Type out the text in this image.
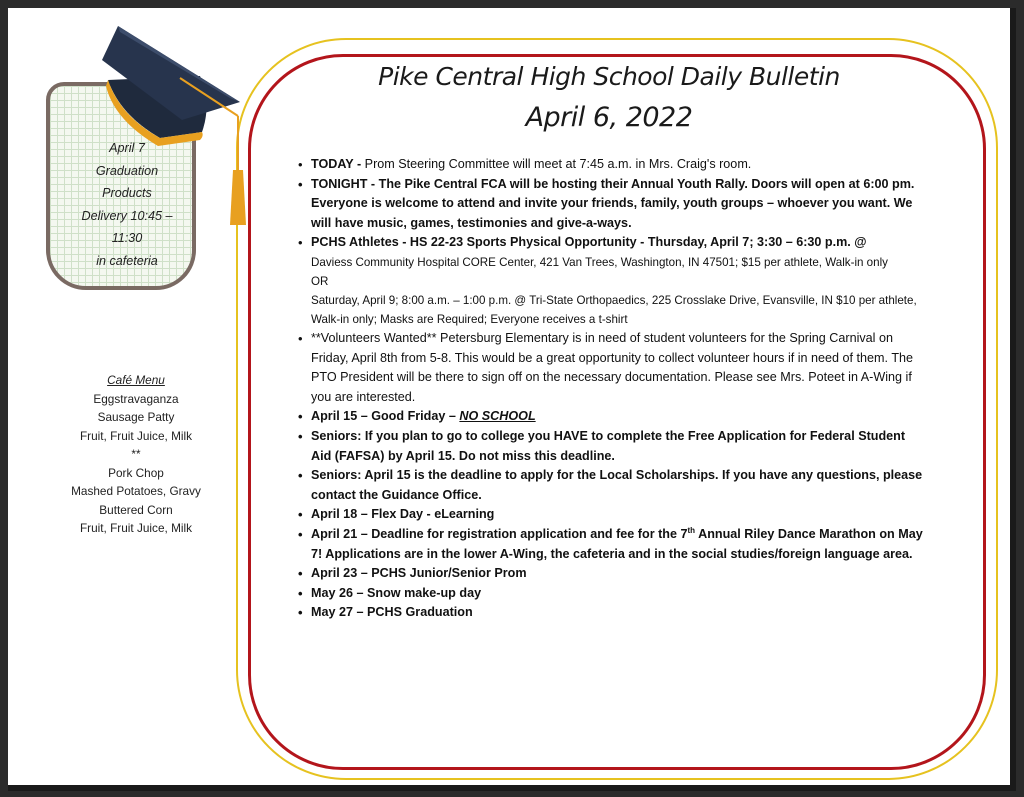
Pike Central High School Daily Bulletin
April 6, 2022
April 7
Graduation
Products
Delivery 10:45 –
11:30
in cafeteria
Café Menu
Eggstravaganza
Sausage Patty
Fruit, Fruit Juice, Milk
**
Pork Chop
Mashed Potatoes, Gravy
Buttered Corn
Fruit, Fruit Juice, Milk
• TODAY - Prom Steering Committee will meet at 7:45 a.m. in Mrs. Craig's room.
• TONIGHT - The Pike Central FCA will be hosting their Annual Youth Rally. Doors will open at 6:00 pm. Everyone is welcome to attend and invite your friends, family, youth groups – whoever you want. We will have music, games, testimonies and give-a-ways.
• PCHS Athletes - HS 22-23 Sports Physical Opportunity - Thursday, April 7; 3:30 – 6:30 p.m. @
Daviess Community Hospital CORE Center, 421 Van Trees, Washington, IN 47501; $15 per athlete, Walk-in only
OR
Saturday, April 9; 8:00 a.m. – 1:00 p.m. @ Tri-State Orthopaedics, 225 Crosslake Drive, Evansville, IN $10 per athlete, Walk-in only; Masks are Required; Everyone receives a t-shirt
• **Volunteers Wanted** Petersburg Elementary is in need of student volunteers for the Spring Carnival on Friday, April 8th from 5-8. This would be a great opportunity to collect volunteer hours if in need of them. The PTO President will be there to sign off on the necessary documentation. Please see Mrs. Poteet in A-Wing if you are interested.
• April 15 – Good Friday – NO SCHOOL
• Seniors: If you plan to go to college you HAVE to complete the Free Application for Federal Student Aid (FAFSA) by April 15. Do not miss this deadline.
• Seniors: April 15 is the deadline to apply for the Local Scholarships. If you have any questions, please contact the Guidance Office.
• April 18 – Flex Day - eLearning
• April 21 – Deadline for registration application and fee for the 7th Annual Riley Dance Marathon on May 7! Applications are in the lower A-Wing, the cafeteria and in the social studies/foreign language area.
• April 23 – PCHS Junior/Senior Prom
• May 26 – Snow make-up day
• May 27 – PCHS Graduation
